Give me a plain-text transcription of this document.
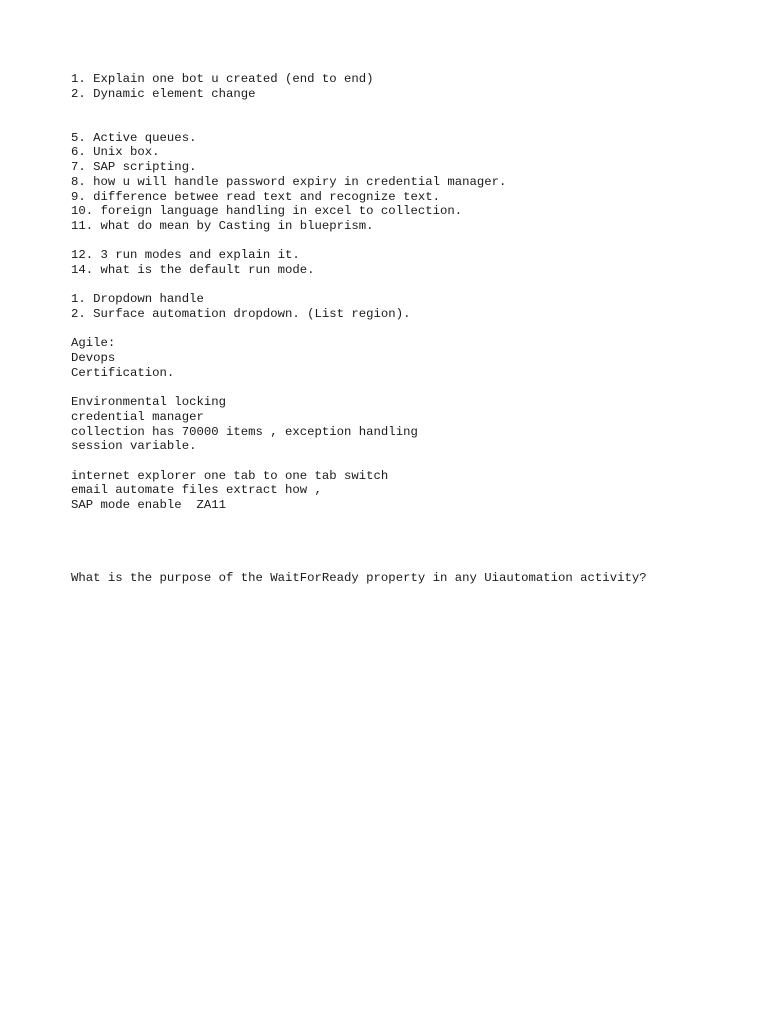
1. Explain one bot u created (end to end)
2. Dynamic element change
5. Active queues.
6. Unix box.
7. SAP scripting.
8. how u will handle password expiry in credential manager.
9. difference betwee read text and recognize text.
10. foreign language handling in excel to collection.
11. what do mean by Casting in blueprism.
12. 3 run modes and explain it.
14. what is the default run mode.
1. Dropdown handle
2. Surface automation dropdown. (List region).
Agile:
Devops
Certification.
Environmental locking
credential manager
collection has 70000 items , exception handling
session variable.
internet explorer one tab to one tab switch
email automate files extract how ,
SAP mode enable  ZA11
What is the purpose of the WaitForReady property in any Uiautomation activity?
